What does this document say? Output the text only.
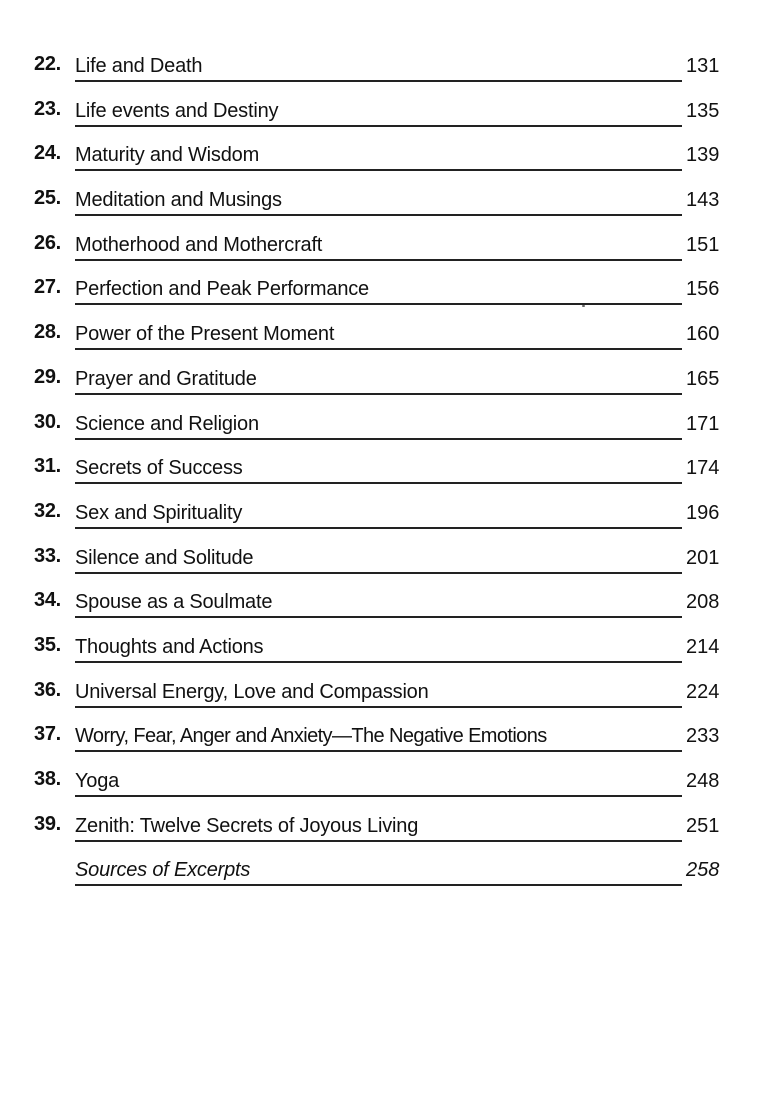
22. Life and Death	131
23. Life events and Destiny	135
24. Maturity and Wisdom	139
25. Meditation and Musings	143
26. Motherhood and Mothercraft	151
27. Perfection and Peak Performance	156
28. Power of the Present Moment	160
29. Prayer and Gratitude	165
30. Science and Religion	171
31. Secrets of Success	174
32. Sex and Spirituality	196
33. Silence and Solitude	201
34. Spouse as a Soulmate	208
35. Thoughts and Actions	214
36. Universal Energy, Love and Compassion	224
37. Worry, Fear, Anger and Anxiety—The Negative Emotions	233
38. Yoga	248
39. Zenith: Twelve Secrets of Joyous Living	251
Sources of Excerpts	258
